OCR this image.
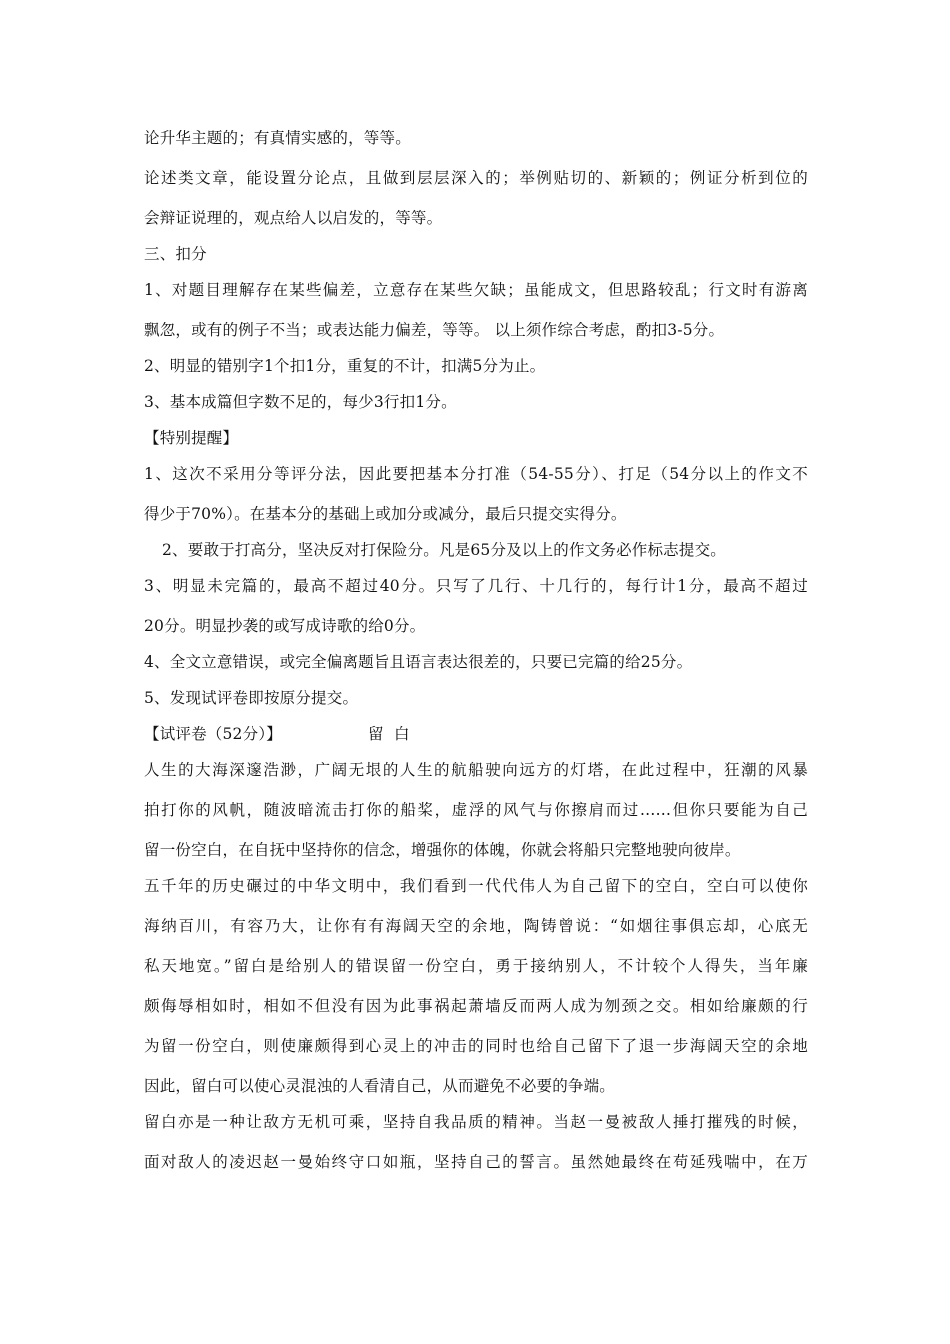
论升华主题的；有真情实感的，等等。
论述类文章，能设置分论点，且做到层层深入的；举例贴切的、新颖的；例证分析到位的
会辩证说理的，观点给人以启发的，等等。
三、扣分
1、对题目理解存在某些偏差，立意存在某些欠缺；虽能成文，但思路较乱；行文时有游离
飘忽，或有的例子不当；或表达能力偏差，等等。 以上须作综合考虑，酌扣3-5分。
2、明显的错别字1个扣1分，重复的不计，扣满5分为止。
3、基本成篇但字数不足的，每少3行扣1分。
【特别提醒】
1、这次不采用分等评分法，因此要把基本分打准（54-55分）、打足（54分以上的作文不
得少于70%）。在基本分的基础上或加分或减分，最后只提交实得分。
2、要敢于打高分，坚决反对打保险分。凡是65分及以上的作文务必作标志提交。
3、明显未完篇的，最高不超过40分。只写了几行、十几行的，每行计1分，最高不超过
20分。明显抄袭的或写成诗歌的给0分。
4、全文立意错误，或完全偏离题旨且语言表达很差的，只要已完篇的给25分。
5、发现试评卷即按原分提交。
【试评卷（52分）】	留  白
人生的大海深邃浩渺，广阔无垠的人生的航船驶向远方的灯塔，在此过程中，狂潮的风暴
拍打你的风帆，随波暗流击打你的船桨，虚浮的风气与你擦肩而过……但你只要能为自己
留一份空白，在自抚中坚持你的信念，增强你的体魄，你就会将船只完整地驶向彼岸。
五千年的历史碾过的中华文明中，我们看到一代代伟人为自己留下的空白，空白可以使你
海纳百川，有容乃大，让你有有海阔天空的余地，陶铸曾说：“如烟往事俱忘却，心底无
私天地宽。”留白是给别人的错误留一份空白，勇于接纳别人，不计较个人得失，当年廉
颇侮辱相如时，相如不但没有因为此事祸起萧墙反而两人成为刎颈之交。相如给廉颇的行
为留一份空白，则使廉颇得到心灵上的冲击的同时也给自己留下了退一步海阔天空的余地
因此，留白可以使心灵混浊的人看清自己，从而避免不必要的争端。
留白亦是一种让敌方无机可乘，坚持自我品质的精神。当赵一曼被敌人捶打摧残的时候，
面对敌人的凌迟赵一曼始终守口如瓶，坚持自己的誓言。虽然她最终在苟延残喘中，在万
